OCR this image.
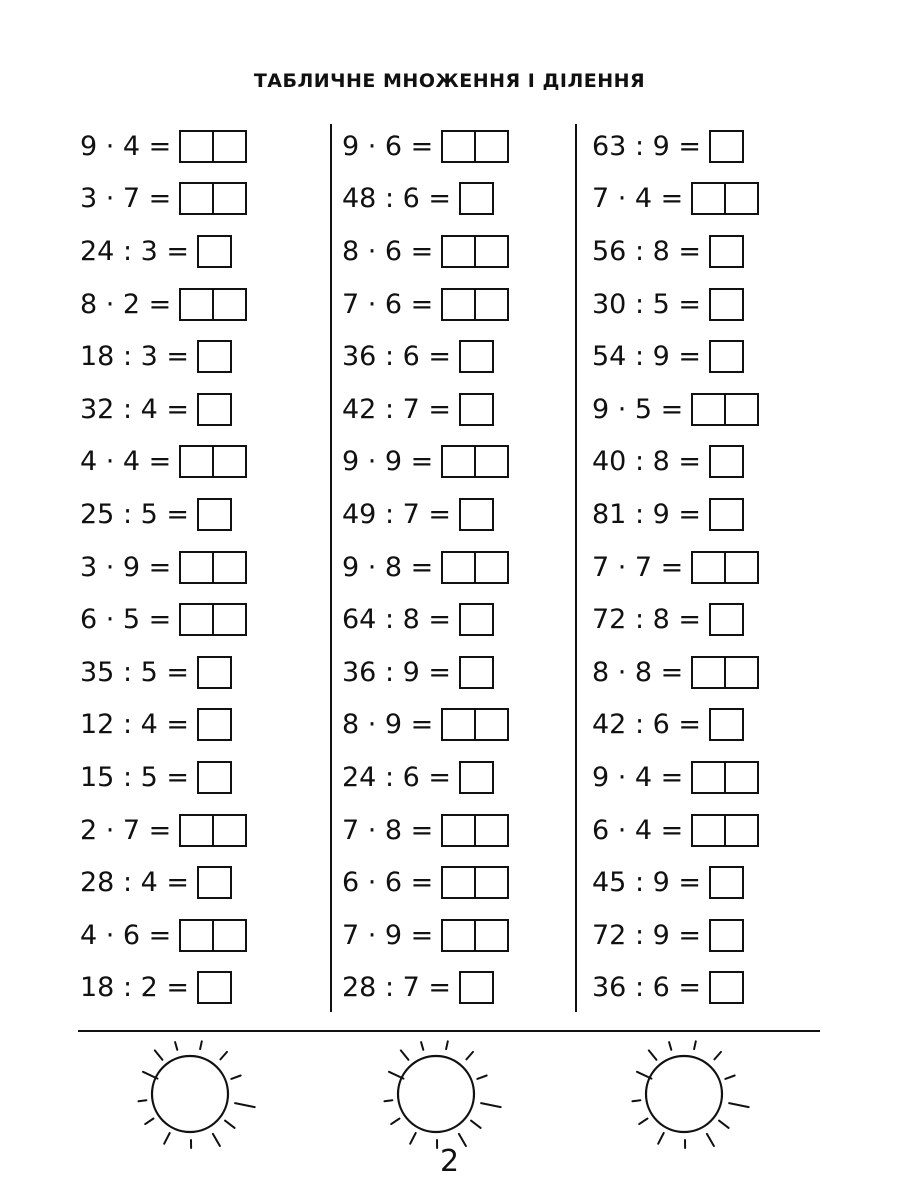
ТАБЛИЧНЕ МНОЖЕННЯ І ДІЛЕННЯ
9 · 4 =
3 · 7 =
24 : 3 =
8 · 2 =
18 : 3 =
32 : 4 =
4 · 4 =
25 : 5 =
3 · 9 =
6 · 5 =
35 : 5 =
12 : 4 =
15 : 5 =
2 · 7 =
28 : 4 =
4 · 6 =
18 : 2 =
9 · 6 =
48 : 6 =
8 · 6 =
7 · 6 =
36 : 6 =
42 : 7 =
9 · 9 =
49 : 7 =
9 · 8 =
64 : 8 =
36 : 9 =
8 · 9 =
24 : 6 =
7 · 8 =
6 · 6 =
7 · 9 =
28 : 7 =
63 : 9 =
7 · 4 =
56 : 8 =
30 : 5 =
54 : 9 =
9 · 5 =
40 : 8 =
81 : 9 =
7 · 7 =
72 : 8 =
8 · 8 =
42 : 6 =
9 · 4 =
6 · 4 =
45 : 9 =
72 : 9 =
36 : 6 =
2
